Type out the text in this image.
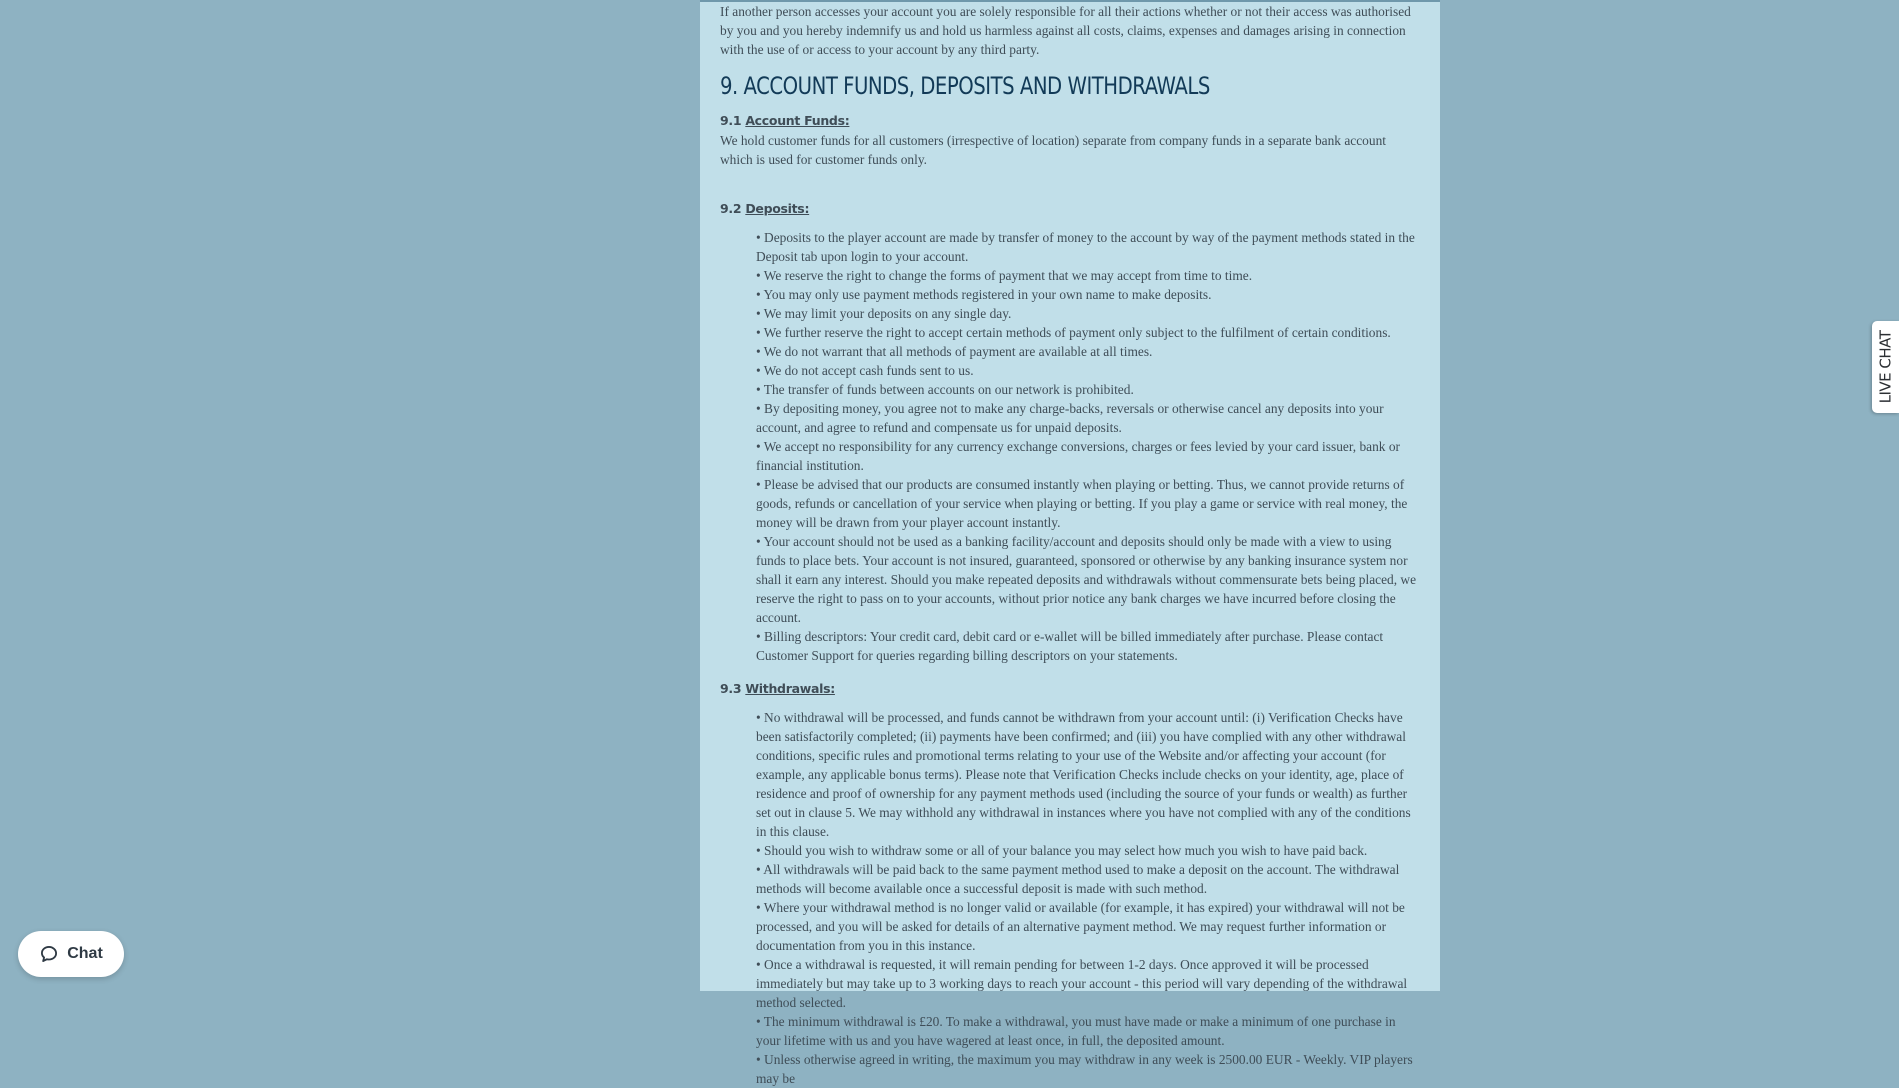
If another person accesses your account you are solely responsible for all their actions whether or not their access was authorised by you and you hereby indemnify us and hold us harmless against all costs, claims, expenses and damages arising in connection with the use of or access to your account by any third party.

9. ACCOUNT FUNDS, DEPOSITS AND WITHDRAWALS
9.1 Account Funds:

We hold customer funds for all customers (irrespective of location) separate from company funds in a separate bank account which is used for customer funds only.

9.2 Deposits:
• Deposits to the player account are made by transfer of money to the account by way of the payment methods stated in the Deposit tab upon login to your account.
• We reserve the right to change the forms of payment that we may accept from time to time.
• You may only use payment methods registered in your own name to make deposits.
• We may limit your deposits on any single day.
• We further reserve the right to accept certain methods of payment only subject to the fulfilment of certain conditions.
• We do not warrant that all methods of payment are available at all times.
• We do not accept cash funds sent to us.
• The transfer of funds between accounts on our network is prohibited.
• By depositing money, you agree not to make any charge-backs, reversals or otherwise cancel any deposits into your account, and agree to refund and compensate us for unpaid deposits.
• We accept no responsibility for any currency exchange conversions, charges or fees levied by your card issuer, bank or financial institution.
• Please be advised that our products are consumed instantly when playing or betting. Thus, we cannot provide returns of goods, refunds or cancellation of your service when playing or betting. If you play a game or service with real money, the money will be drawn from your player account instantly.
• Your account should not be used as a banking facility/account and deposits should only be made with a view to using funds to place bets. Your account is not insured, guaranteed, sponsored or otherwise by any banking insurance system nor shall it earn any interest. Should you make repeated deposits and withdrawals without commensurate bets being placed, we reserve the right to pass on to your accounts, without prior notice any bank charges we have incurred before closing the account.
• Billing descriptors: Your credit card, debit card or e-wallet will be billed immediately after purchase. Please contact Customer Support for queries regarding billing descriptors on your statements.
9.3 Withdrawals:
• No withdrawal will be processed, and funds cannot be withdrawn from your account until: (i) Verification Checks have been satisfactorily completed; (ii) payments have been confirmed; and (iii) you have complied with any other withdrawal conditions, specific rules and promotional terms relating to your use of the Website and/or affecting your account (for example, any applicable bonus terms). Please note that Verification Checks include checks on your identity, age, place of residence and proof of ownership for any payment methods used (including the source of your funds or wealth) as further set out in clause 5. We may withhold any withdrawal in instances where you have not complied with any of the conditions in this clause.
• Should you wish to withdraw some or all of your balance you may select how much you wish to have paid back.
• All withdrawals will be paid back to the same payment method used to make a deposit on the account. The withdrawal methods will become available once a successful deposit is made with such method.
• Where your withdrawal method is no longer valid or available (for example, it has expired) your withdrawal will not be processed, and you will be asked for details of an alternative payment method. We may request further information or documentation from you in this instance.
• Once a withdrawal is requested, it will remain pending for between 1-2 days. Once approved it will be processed immediately but may take up to 3 working days to reach your account - this period will vary depending of the withdrawal method selected.
• The minimum withdrawal is £20. To make a withdrawal, you must have made or make a minimum of one purchase in your lifetime with us and you have wagered at least once, in full, the deposited amount.
• Unless otherwise agreed in writing, the maximum you may withdraw in any week is 2500.00 EUR - Weekly. VIP players may be
LIVE CHAT
Chat
